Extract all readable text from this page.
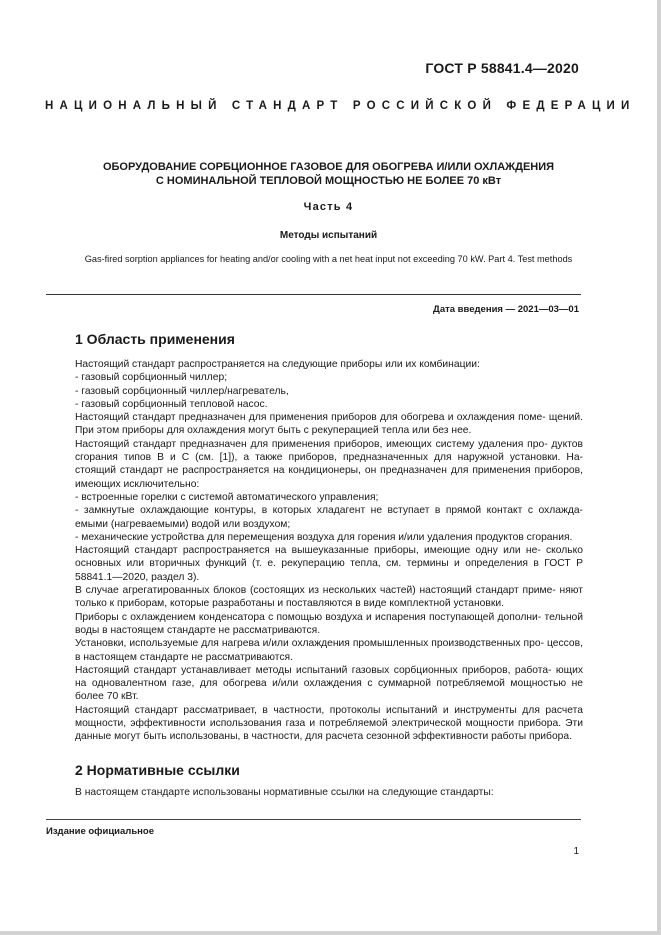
ГОСТ Р 58841.4—2020
НАЦИОНАЛЬНЫЙ СТАНДАРТ РОССИЙСКОЙ ФЕДЕРАЦИИ
ОБОРУДОВАНИЕ СОРБЦИОННОЕ ГАЗОВОЕ ДЛЯ ОБОГРЕВА И/ИЛИ ОХЛАЖДЕНИЯ
С НОМИНАЛЬНОЙ ТЕПЛОВОЙ МОЩНОСТЬЮ НЕ БОЛЕЕ 70 кВт
Часть 4
Методы испытаний
Gas-fired sorption appliances for heating and/or cooling with a net heat input not exceeding 70 kW. Part 4. Test methods
Дата введения — 2021—03—01
1 Область применения

Настоящий стандарт распространяется на следующие приборы или их комбинации:

- газовый сорбционный чиллер;

- газовый сорбционный чиллер/нагреватель,

- газовый сорбционный тепловой насос.

Настоящий стандарт предназначен для применения приборов для обогрева и охлаждения поме- щений. При этом приборы для охлаждения могут быть с рекуперацией тепла или без нее.

Настоящий стандарт предназначен для применения приборов, имеющих систему удаления про- дуктов сгорания типов B и C (см. [1]), а также приборов, предназначенных для наружной установки. На- стоящий стандарт не распространяется на кондиционеры, он предназначен для применения приборов, имеющих исключительно:

- встроенные горелки с системой автоматического управления;

- замкнутые охлаждающие контуры, в которых хладагент не вступает в прямой контакт с охлажда- емыми (нагреваемыми) водой или воздухом;

- механические устройства для перемещения воздуха для горения и/или удаления продуктов сгорания.

Настоящий стандарт распространяется на вышеуказанные приборы, имеющие одну или не- сколько основных или вторичных функций (т. е. рекуперацию тепла, см. термины и определения в ГОСТ Р 58841.1—2020, раздел 3).

В случае агрегатированных блоков (состоящих из нескольких частей) настоящий стандарт приме- няют только к приборам, которые разработаны и поставляются в виде комплектной установки.

Приборы с охлаждением конденсатора с помощью воздуха и испарения поступающей дополни- тельной воды в настоящем стандарте не рассматриваются.

Установки, используемые для нагрева и/или охлаждения промышленных производственных про- цессов, в настоящем стандарте не рассматриваются.

Настоящий стандарт устанавливает методы испытаний газовых сорбционных приборов, работа- ющих на одновалентном газе, для обогрева и/или охлаждения с суммарной потребляемой мощностью не более 70 кВт.

Настоящий стандарт рассматривает, в частности, протоколы испытаний и инструменты для расчета мощности, эффективности использования газа и потребляемой электрической мощности прибора. Эти данные могут быть использованы, в частности, для расчета сезонной эффективности работы прибора.

2 Нормативные ссылки

В настоящем стандарте использованы нормативные ссылки на следующие стандарты:

Издание официальное
1
